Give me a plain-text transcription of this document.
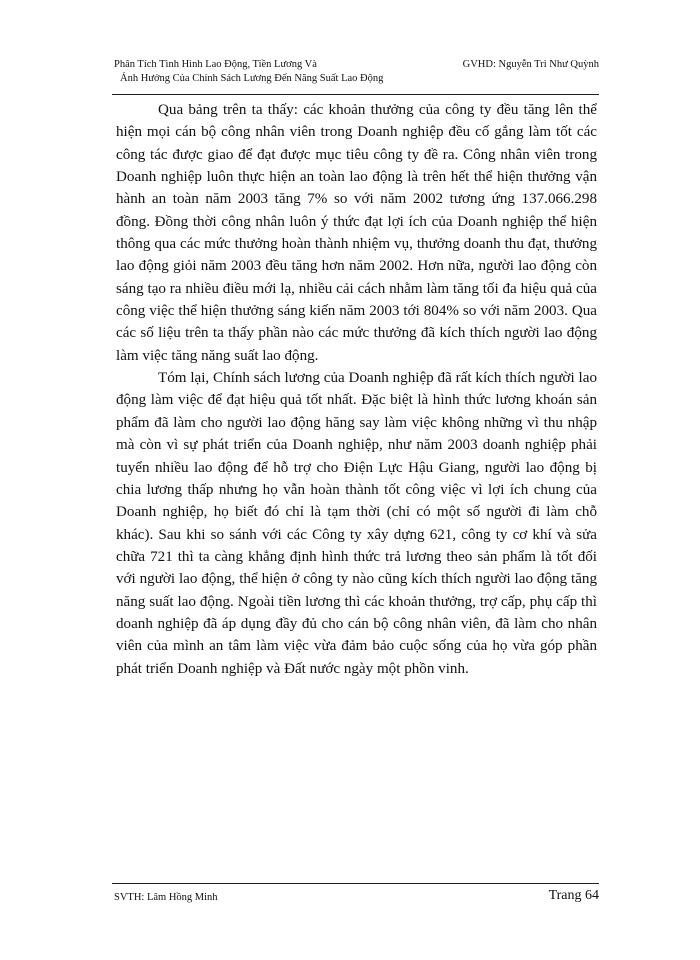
Phân Tích Tình Hình Lao Động, Tiền Lương Và
Ảnh Hưởng Của Chính Sách Lương Đến Năng Suất Lao Động
GVHD: Nguyễn Tri Như Quỳnh

Qua bảng trên ta thấy: các khoản thưởng của công ty đều tăng lên thể hiện mọi cán bộ công nhân viên trong Doanh nghiệp đều cố gắng làm tốt các công tác được giao để đạt được mục tiêu công ty đề ra. Công nhân viên trong Doanh nghiệp luôn thực hiện an toàn lao động là trên hết thể hiện thưởng vận hành an toàn năm 2003 tăng 7% so với năm 2002 tương ứng 137.066.298 đồng. Đồng thời công nhân luôn ý thức đạt lợi ích của Doanh nghiệp thể hiện thông qua các mức thưởng hoàn thành nhiệm vụ, thưởng doanh thu đạt, thưởng lao động giỏi năm 2003 đều tăng hơn năm 2002. Hơn nữa, người lao động còn sáng tạo ra nhiều điều mới lạ, nhiều cải cách nhằm làm tăng tối đa hiệu quả của công việc thể hiện thưởng sáng kiến năm 2003 tới 804% so với năm 2003. Qua các số liệu trên ta thấy phần nào các mức thưởng đã kích thích người lao động làm việc tăng năng suất lao động.

Tóm lại, Chính sách lương của Doanh nghiệp đã rất kích thích người lao động làm việc để đạt hiệu quả tốt nhất. Đặc biệt là hình thức lương khoán sản phẩm đã làm cho người lao động hăng say làm việc không những vì thu nhập mà còn vì sự phát triển của Doanh nghiệp, như năm 2003 doanh nghiệp phải tuyển nhiều lao động để hỗ trợ cho Điện Lực Hậu Giang, người lao động bị chia lương thấp nhưng họ vẫn hoàn thành tốt công việc vì lợi ích chung của Doanh nghiệp, họ biết đó chỉ là tạm thời (chỉ có một số người đi làm chỗ khác). Sau khi so sánh với các Công ty xây dựng 621, công ty cơ khí và sửa chữa 721 thì ta càng khẳng định hình thức trả lương theo sản phẩm là tốt đối với người lao động, thể hiện ở công ty nào cũng kích thích người lao động tăng năng suất lao động. Ngoài tiền lương thì các khoản thưởng, trợ cấp, phụ cấp thì doanh nghiệp đã áp dụng đầy đủ cho cán bộ công nhân viên, đã làm cho nhân viên của mình an tâm làm việc vừa đảm bảo cuộc sống của họ vừa góp phần phát triển Doanh nghiệp và Đất nước ngày một phồn vinh.

SVTH: Lâm Hồng Minh	Trang 64
